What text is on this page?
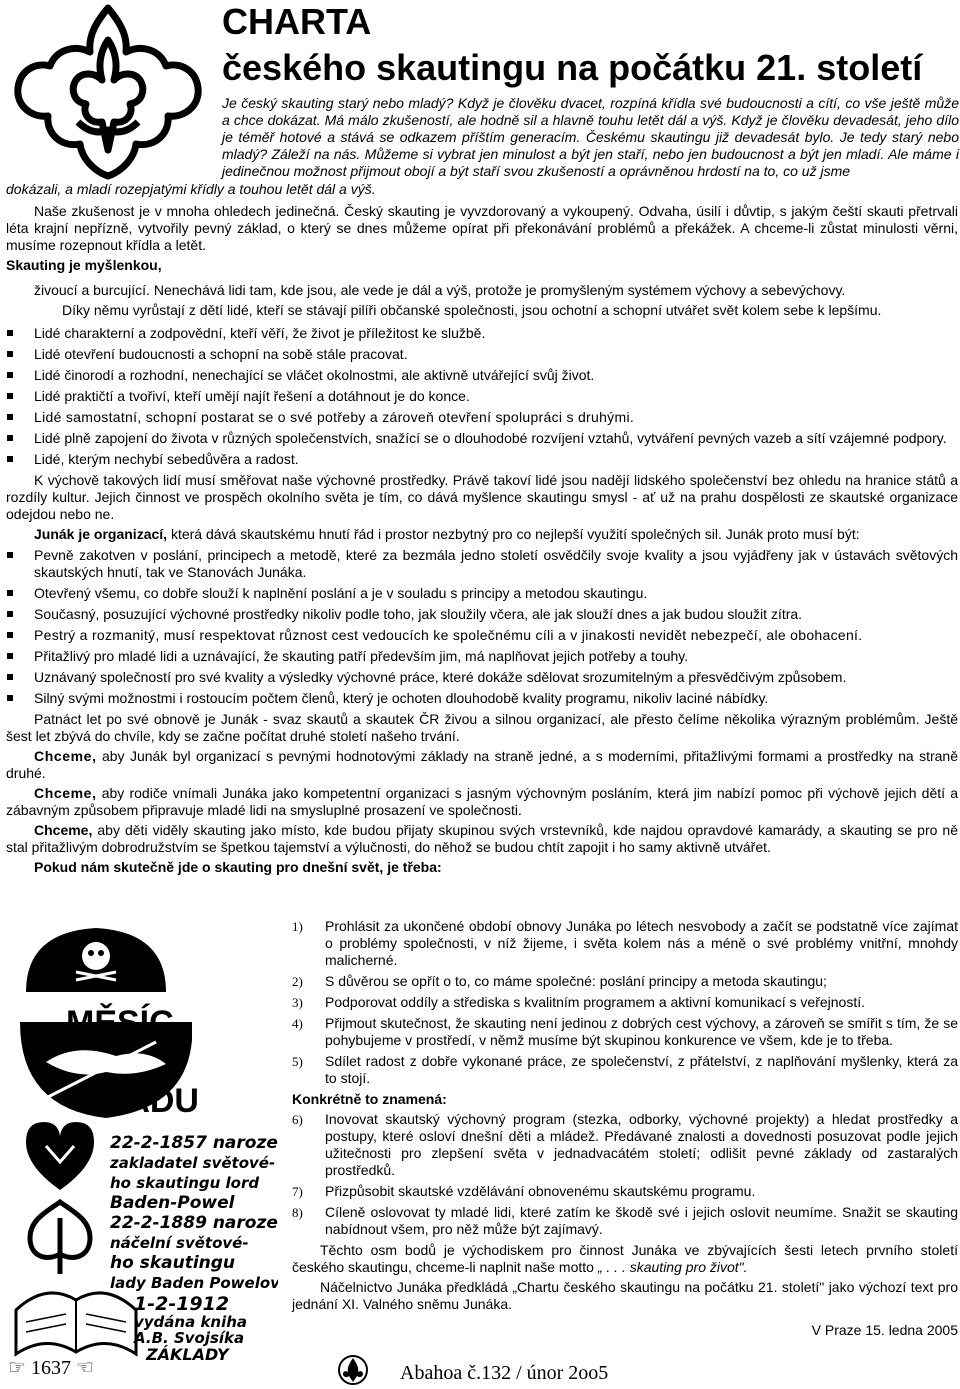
CHARTA
českého skautingu na počátku 21. století
Je český skauting starý nebo mladý? Když je člověku dvacet, rozpíná křídla své budoucnosti a cítí, co vše ještě může a chce dokázat. Má málo zkušeností, ale hodně sil a hlavně touhu letět dál a výš. Když je člověku devadesát, jeho dílo je téměř hotové a stává se odkazem příštím generacím. Českému skautingu již devadesát bylo. Je tedy starý nebo mladý? Záleží na nás. Můžeme si vybrat jen minulost a být jen staří, nebo jen budoucnost a být jen mladí. Ale máme i jedinečnou možnost přijmout obojí a být staří svou zkušeností a oprávněnou hrdostí na to, co už jsme
dokázali, a mladí rozepjatými křídly a touhou letět dál a výš.

Naše zkušenost je v mnoha ohledech jedinečná. Český skauting je vyvzdorovaný a vykoupený. Odvaha, úsilí i důvtip, s jakým čeští skauti přetrvali léta krajní nepřízně, vytvořily pevný základ, o který se dnes můžeme opírat při překonávání problémů a překážek. A chceme-li zůstat minulosti věrni, musíme rozepnout křídla a letět.

Skauting je myšlenkou,

živoucí a burcující. Nenechává lidi tam, kde jsou, ale vede je dál a výš, protože je promyšleným systémem výchovy a sebevýchovy.

Díky němu vyrůstají z dětí lidé, kteří se stávají pilíři občanské společnosti, jsou ochotní a schopní utvářet svět kolem sebe k lepšímu.

Lidé charakterní a zodpovědní, kteří věří, že život je příležitost ke službě.
Lidé otevření budoucnosti a schopní na sobě stále pracovat.
Lidé činorodí a rozhodní, nenechající se vláčet okolnostmi, ale aktivně utvářející svůj život.
Lidé praktičtí a tvořiví, kteří umějí najít řešení a dotáhnout je do konce.
Lidé samostatní, schopní postarat se o své potřeby a zároveň otevření spolupráci s druhými.
Lidé plně zapojení do života v různých společenstvích, snažící se o dlouhodobé rozvíjení vztahů, vytváření pevných vazeb a sítí vzájemné podpory.
Lidé, kterým nechybí sebedůvěra a radost.

K výchově takových lidí musí směřovat naše výchovné prostředky. Právě takoví lidé jsou nadějí lidského společenství bez ohledu na hranice států a rozdíly kultur. Jejich činnost ve prospěch okolního světa je tím, co dává myšlence skautingu smysl - ať už na prahu dospělosti ze skautské organizace odejdou nebo ne.

Junák je organizací, která dává skautskému hnutí řád i prostor nezbytný pro co nejlepší využití společných sil. Junák proto musí být:

Pevně zakotven v poslání, principech a metodě, které za bezmála jedno století osvědčily svoje kvality a jsou vyjádřeny jak v ústavách světových skautských hnutí, tak ve Stanovách Junáka.
Otevřený všemu, co dobře slouží k naplnění poslání a je v souladu s principy a metodou skautingu.
Současný, posuzující výchovné prostředky nikoliv podle toho, jak sloužily včera, ale jak slouží dnes a jak budou sloužit zítra.
Pestrý a rozmanitý, musí respektovat různost cest vedoucích ke společnému cíli a v jinakosti nevidět nebezpečí, ale obohacení.
Přitažlivý pro mladé lidi a uznávající, že skauting patří především jim, má naplňovat jejich potřeby a touhy.
Uznávaný společností pro své kvality a výsledky výchovné práce, které dokáže sdělovat srozumitelným a přesvědčivým způsobem.
Silný svými možnostmi i rostoucím počtem členů, který je ochoten dlouhodobě kvality programu, nikoliv laciné nábídky.

Patnáct let po své obnově je Junák - svaz skautů a skautek ČR živou a silnou organizací, ale přesto čelíme několika výrazným problémům. Ještě šest let zbývá do chvíle, kdy se začne počítat druhé století našeho trvání.

Chceme, aby Junák byl organizací s pevnými hodnotovými základy na straně jedné, a s moderními, přitažlivými formami a prostředky na straně druhé.

Chceme, aby rodiče vnímali Junáka jako kompetentní organizaci s jasným výchovným posláním, která jim nabízí pomoc při výchově jejich dětí a zábavným způsobem připravuje mladé lidi na smysluplné prosazení ve společnosti.

Chceme, aby děti viděly skauting jako místo, kde budou přijaty skupinou svých vrstevníků, kde najdou opravdové kamarády, a skauting se pro ně stal přitažlivým dobrodružstvím se špetkou tajemství a výlučnosti, do něhož se budou chtít zapojit i ho samy aktivně utvářet.

Pokud nám skutečně jde o skauting pro dnešní svět, je třeba:

HLADU
22-2-1857 narozen
zakladatel světové-
ho skautingu lord
Baden-Powel
22-2-1889 naroze
náčelní světové-
ho skautingu
lady Baden Powelová
1-2-1912
vydána kniha
A.B. Svojsíka
ZÁKLADY
1) Prohlásit za ukončené období obnovy Junáka po létech nesvobody a začít se podstatně více zajímat o problémy společnosti, v níž žijeme, i světa kolem nás a méně o své problémy vnitřní, mnohdy malicherné.
2) S důvěrou se opřít o to, co máme společné: poslání principy a metoda skautingu;
3) Podporovat oddíly a střediska s kvalitním programem a aktivní komunikací s veřejností.
4) Přijmout skutečnost, že skauting není jedinou z dobrých cest výchovy, a zároveň se smířit s tím, že se pohybujeme v prostředí, v němž musíme být skupinou konkurence ve všem, kde je to třeba.
5) Sdílet radost z dobře vykonané práce, ze společenství, z přátelství, z naplňování myšlenky, která za to stojí.

Konkrétně to znamená:

6) Inovovat skautský výchovný program (stezka, odborky, výchovné projekty) a hledat prostředky a postupy, které osloví dnešní děti a mládež. Předávané znalosti a dovednosti posuzovat podle jejich užitečnosti pro zlepšení světa v jednadvacátém století; odlišit pevné základy od zastaralých prostředků.
7) Přizpůsobit skautské vzdělávání obnovenému skautskému programu.
8) Cíleně oslovovat ty mladé lidi, které zatím ke škodě své i jejich oslovit neumíme. Snažit se skauting nabídnout všem, pro něž může být zajímavý.

Těchto osm bodů je východiskem pro činnost Junáka ve zbývajících šesti letech prvního století českého skautingu, chceme-li naplnit naše motto „ . . . skauting pro život".

Náčelnictvo Junáka předkládá „Chartu českého skautingu na počátku 21. století" jako výchozí text pro jednání XI. Valného sněmu Junáka.

V Praze 15. ledna 2005
☞ 1637 ☜	Abahoa č.132 / únor 2oo5
